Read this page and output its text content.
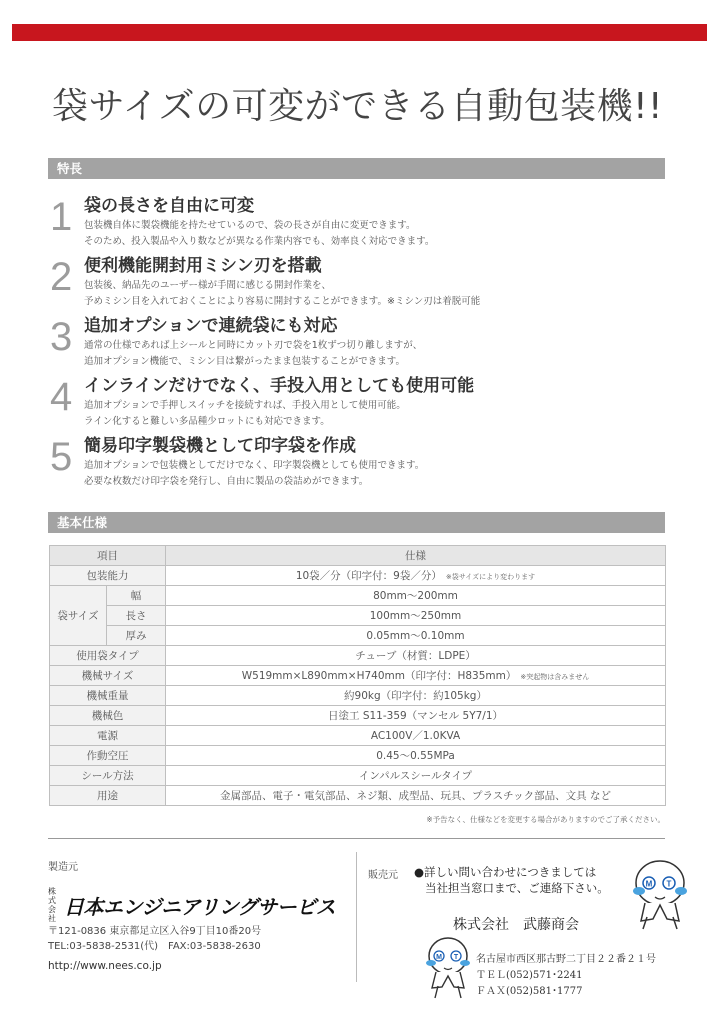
袋サイズの可変ができる自動包装機!!
特長
1 袋の長さを自由に可変
包装機自体に製袋機能を持たせているので、袋の長さが自由に変更できます。
そのため、投入製品や入り数などが異なる作業内容でも、効率良く対応できます。
2 便利機能開封用ミシン刃を搭載
包装後、納品先のユーザー様が手間に感じる開封作業を、
予めミシン目を入れておくことにより容易に開封することができます。※ミシン刃は着脱可能
3 追加オプションで連続袋にも対応
通常の仕様であれば上シールと同時にカット刃で袋を1枚ずつ切り離しますが、
追加オプション機能で、ミシン目は繋がったまま包装することができます。
4 インラインだけでなく、手投入用としても使用可能
追加オプションで手押しスイッチを接続すれば、手投入用として使用可能。
ライン化すると難しい多品種少ロットにも対応できます。
5 簡易印字製袋機として印字袋を作成
追加オプションで包装機としてだけでなく、印字製袋機としても使用できます。
必要な枚数だけ印字袋を発行し、自由に製品の袋詰めができます。
基本仕様
項目		仕様
包装能力		10袋／分（印字付：9袋／分） ※袋サイズにより変わります
袋サイズ	幅	80mm～200mm
	長さ	100mm～250mm
	厚み	0.05mm～0.10mm
使用袋タイプ		チューブ（材質：LDPE）
機械サイズ		W519mm×L890mm×H740mm（印字付：H835mm） ※突起物は含みません
機械重量		約90kg（印字付：約105kg）
機械色		日塗工 S11-359（マンセル 5Y7/1）
電源		AC100V／1.0KVA
作動空圧		0.45～0.55MPa
シール方法		インパルスシールタイプ
用途		金属部品、電子・電気部品、ネジ類、成型品、玩具、プラスチック部品、文具 など
※予告なく、仕様などを変更する場合がありますのでご了承ください。
製造元
株式会社 日本エンジニアリングサービス
〒121-0836 東京都足立区入谷9丁目10番20号
TEL:03-5838-2531(代)　FAX:03-5838-2630
http://www.nees.co.jp
販売元 ●詳しい問い合わせにつきましては
当社担当窓口まで、ご連絡下さい。
株式会社　武藤商会
名古屋市西区那古野二丁目２２番２１号
ＴＥＬ(052)571･2241
ＦＡＸ(052)581･1777
M T
M T
